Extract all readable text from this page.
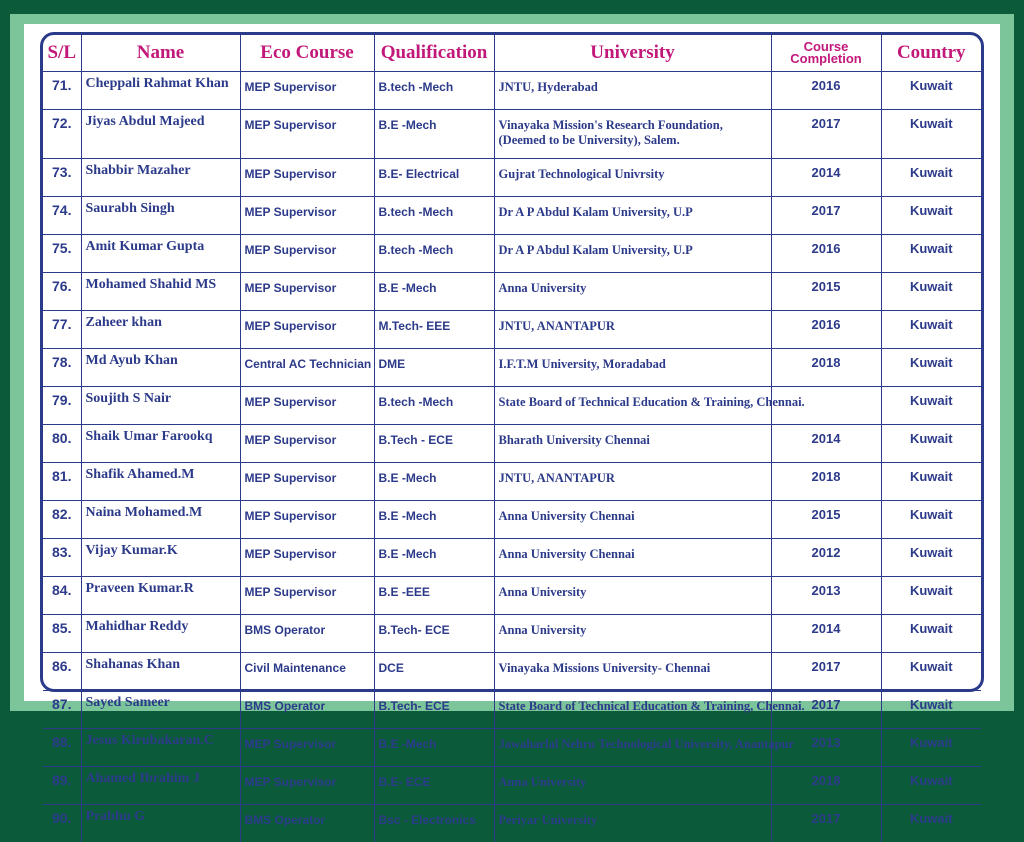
S/L	Name	Eco Course	Qualification	University	Course
Completion	Country
71.	Cheppali Rahmat Khan	MEP Supervisor	B.tech -Mech	JNTU, Hyderabad	2016	Kuwait
72.	Jiyas Abdul Majeed	MEP Supervisor	B.E -Mech	Vinayaka Mission's Research Foundation,
(Deemed to be University), Salem.	2017	Kuwait
73.	Shabbir Mazaher	MEP Supervisor	B.E- Electrical	Gujrat Technological Univrsity	2014	Kuwait
74.	Saurabh Singh	MEP Supervisor	B.tech -Mech	Dr A P Abdul Kalam University, U.P	2017	Kuwait
75.	Amit Kumar Gupta	MEP Supervisor	B.tech -Mech	Dr A P Abdul Kalam University, U.P	2016	Kuwait
76.	Mohamed Shahid MS	MEP Supervisor	B.E -Mech	Anna University	2015	Kuwait
77.	Zaheer khan	MEP Supervisor	M.Tech- EEE	JNTU, ANANTAPUR	2016	Kuwait
78.	Md Ayub Khan	Central AC Technician	DME	I.F.T.M University, Moradabad	2018	Kuwait
79.	Soujith S Nair	MEP Supervisor	B.tech -Mech	State Board of Technical Education & Training, Chennai.		Kuwait
80.	Shaik Umar Farookq	MEP Supervisor	B.Tech - ECE	Bharath University Chennai	2014	Kuwait
81.	Shafik Ahamed.M	MEP Supervisor	B.E -Mech	JNTU, ANANTAPUR	2018	Kuwait
82.	Naina Mohamed.M	MEP Supervisor	B.E -Mech	Anna University Chennai	2015	Kuwait
83.	Vijay Kumar.K	MEP Supervisor	B.E -Mech	Anna University Chennai	2012	Kuwait
84.	Praveen Kumar.R	MEP Supervisor	B.E -EEE	Anna University	2013	Kuwait
85.	Mahidhar Reddy	BMS Operator	B.Tech- ECE	Anna University	2014	Kuwait
86.	Shahanas Khan	Civil Maintenance	DCE	Vinayaka Missions University- Chennai	2017	Kuwait
87.	Sayed Sameer	BMS Operator	B.Tech- ECE	State Board of Technical Education & Training, Chennai.	2017	Kuwait
88.	Jesus Kirubakaran.C	MEP Supervisor	B.E -Mech	Jawaharlal Nehru Technological University, Anantapur	2013	Kuwait
89.	Ahamed Ibrahim J	MEP Supervisor	B.E- ECE	Anna University	2018	Kuwait
90.	Prabhu G	BMS Operator	Bsc - Electronics	Periyar University	2017	Kuwait
